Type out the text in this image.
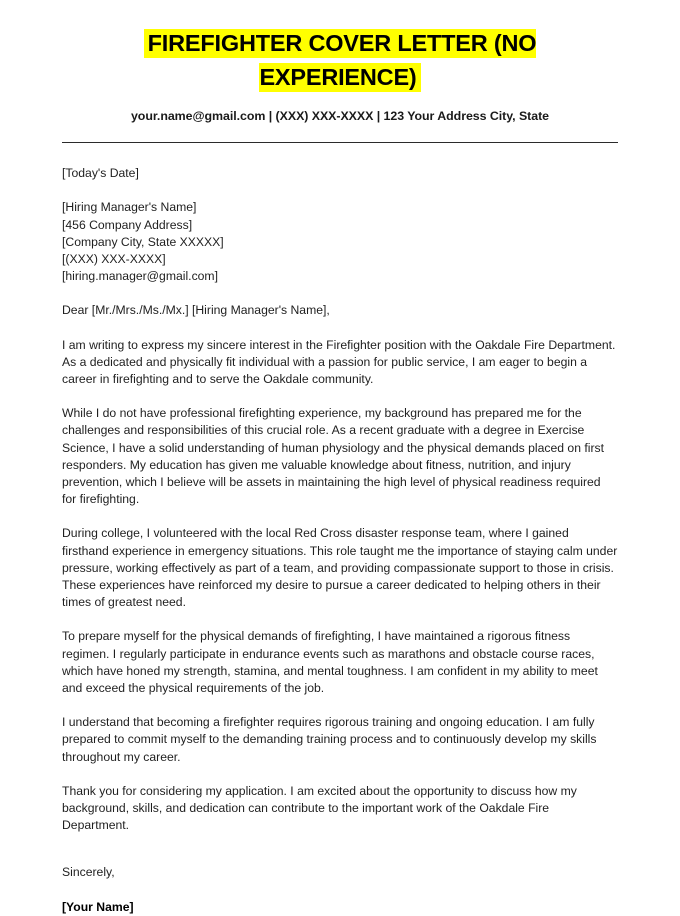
FIREFIGHTER COVER LETTER (NO EXPERIENCE)
your.name@gmail.com | (XXX) XXX-XXXX | 123 Your Address City, State
[Today's Date]
[Hiring Manager's Name]
[456 Company Address]
[Company City, State XXXXX]
[(XXX) XXX-XXXX]
[hiring.manager@gmail.com]
Dear [Mr./Mrs./Ms./Mx.] [Hiring Manager's Name],
I am writing to express my sincere interest in the Firefighter position with the Oakdale Fire Department. As a dedicated and physically fit individual with a passion for public service, I am eager to begin a career in firefighting and to serve the Oakdale community.
While I do not have professional firefighting experience, my background has prepared me for the challenges and responsibilities of this crucial role. As a recent graduate with a degree in Exercise Science, I have a solid understanding of human physiology and the physical demands placed on first responders. My education has given me valuable knowledge about fitness, nutrition, and injury prevention, which I believe will be assets in maintaining the high level of physical readiness required for firefighting.
During college, I volunteered with the local Red Cross disaster response team, where I gained firsthand experience in emergency situations. This role taught me the importance of staying calm under pressure, working effectively as part of a team, and providing compassionate support to those in crisis. These experiences have reinforced my desire to pursue a career dedicated to helping others in their times of greatest need.
To prepare myself for the physical demands of firefighting, I have maintained a rigorous fitness regimen. I regularly participate in endurance events such as marathons and obstacle course races, which have honed my strength, stamina, and mental toughness. I am confident in my ability to meet and exceed the physical requirements of the job.
I understand that becoming a firefighter requires rigorous training and ongoing education. I am fully prepared to commit myself to the demanding training process and to continuously develop my skills throughout my career.
Thank you for considering my application. I am excited about the opportunity to discuss how my background, skills, and dedication can contribute to the important work of the Oakdale Fire Department.
Sincerely,
[Your Name]
